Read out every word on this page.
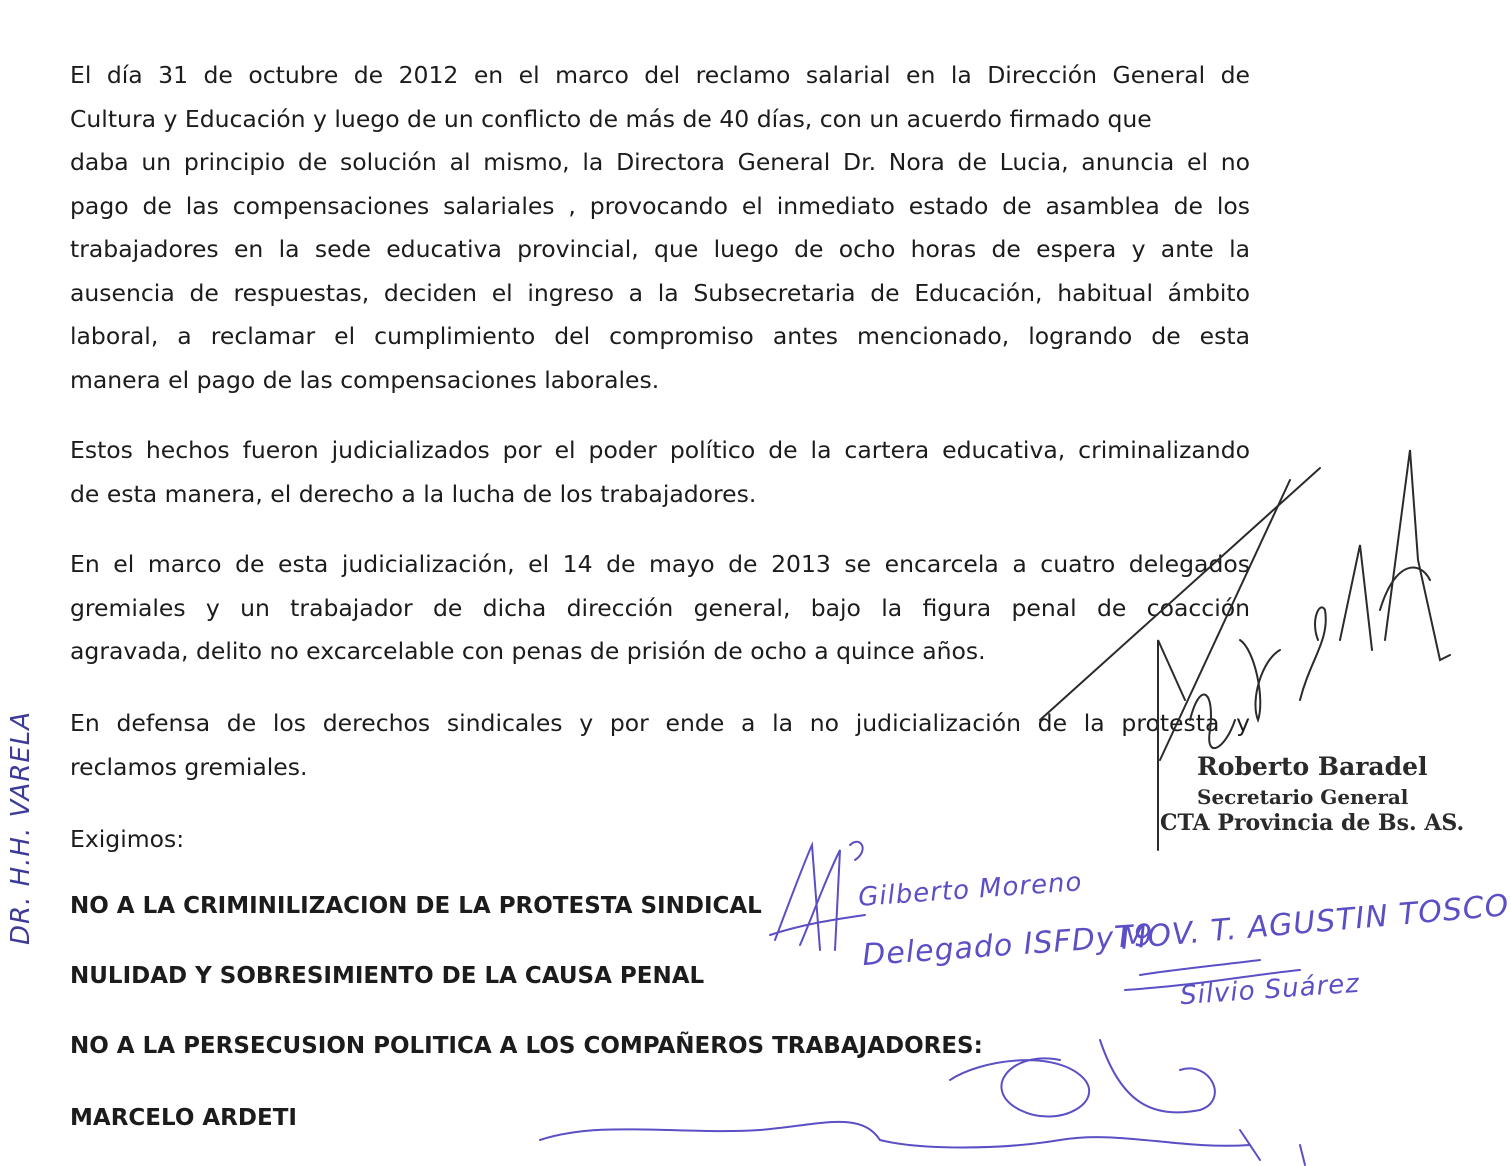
El día 31 de octubre de 2012 en el marco del reclamo salarial en la Dirección General de
Cultura y Educación y luego de un conflicto de más de 40 días, con un acuerdo firmado que
daba un principio de solución al mismo, la Directora General Dr. Nora de Lucia, anuncia el no
pago de las compensaciones salariales , provocando el inmediato estado de asamblea de los
trabajadores en la sede educativa provincial, que luego de ocho horas de espera y ante la
ausencia de respuestas, deciden el ingreso a la Subsecretaria de Educación, habitual ámbito
laboral, a reclamar el cumplimiento del compromiso antes mencionado, logrando de esta
manera el pago de las compensaciones laborales.
Estos hechos fueron judicializados por el poder político de la cartera educativa, criminalizando
de esta manera, el derecho a la lucha de los trabajadores.
En el marco de esta judicialización, el 14 de mayo de 2013 se encarcela a cuatro delegados
gremiales y un trabajador de dicha dirección general, bajo la figura penal de coacción
agravada, delito no excarcelable con penas de prisión de ocho a quince años.
En defensa de los derechos sindicales y por ende a la no judicialización de la protesta y
reclamos gremiales.
Exigimos:

NO A LA CRIMINILIZACION DE LA PROTESTA SINDICAL

NULIDAD Y SOBRESIMIENTO DE LA CAUSA PENAL

NO A LA PERSECUSION POLITICA A LOS COMPAÑEROS TRABAJADORES:

MARCELO ARDETI

Roberto Baradel

Secretario General

CTA Provincia de Bs. AS.

Gilberto Moreno

Delegado ISFDyT9

MOV. T. AGUSTIN TOSCO

Silvio Suárez

DR. H.H. VARELA
